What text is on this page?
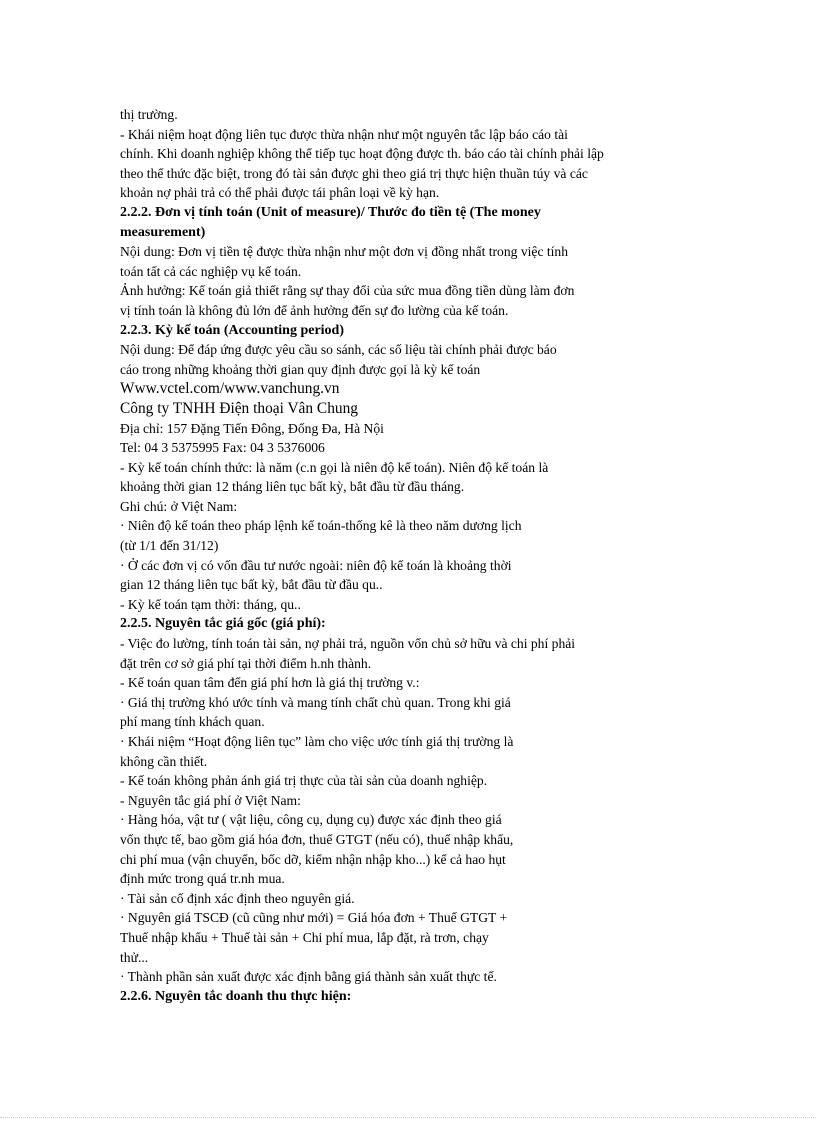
thị trường.
- Khái niệm hoạt động liên tục được thừa nhận như một nguyên tắc lập báo cáo tài
chính. Khi doanh nghiệp không thể tiếp tục hoạt động được th. báo cáo tài chính phải lập
theo thể thức đặc biệt, trong đó tài sản được ghi theo giá trị thực hiện thuần túy và các
khoản nợ phải trả có thể phải được tái phân loại về kỳ hạn.
2.2.2. Đơn vị tính toán (Unit of measure)/ Thước đo tiền tệ (The money
measurement)
Nội dung: Đơn vị tiền tệ được thừa nhận như một đơn vị đồng nhất trong việc tính
toán tất cả các nghiệp vụ kế toán.
Ảnh hưởng: Kế toán giả thiết rằng sự thay đổi của sức mua đồng tiền dùng làm đơn
vị tính toán là không đủ lớn để ảnh hưởng đến sự đo lường của kế toán.
2.2.3. Kỳ kế toán (Accounting period)
Nội dung: Để đáp ứng được yêu cầu so sánh, các số liệu tài chính phải được báo
cáo trong những khoảng thời gian quy định được gọi là kỳ kế toán
Www.vctel.com/www.vanchung.vn
Công ty TNHH Điện thoại Vân Chung
Địa chỉ: 157 Đặng Tiến Đông, Đống Đa, Hà Nội
Tel: 04 3 5375995 Fax: 04 3 5376006
- Kỳ kế toán chính thức: là năm (c.n gọi là niên độ kế toán). Niên độ kế toán là
khoảng thời gian 12 tháng liên tục bất kỳ, bắt đầu từ đầu tháng.
Ghi chú: ở Việt Nam:
· Niên độ kế toán theo pháp lệnh kế toán-thống kê là theo năm dương lịch
(từ 1/1 đến 31/12)
· Ở các đơn vị có vốn đầu tư nước ngoài: niên độ kế toán là khoảng thời
gian 12 tháng liên tục bất kỳ, bắt đầu từ đầu qu..
- Kỳ kế toán tạm thời: tháng, qu..
2.2.5. Nguyên tắc giá gốc (giá phí):
- Việc đo lường, tính toán tài sản, nợ phải trả, nguồn vốn chủ sở hữu và chi phí phải
đặt trên cơ sở giá phí tại thời điểm h.nh thành.
- Kế toán quan tâm đến giá phí hơn là giá thị trường v.:
· Giá thị trường khó ước tính và mang tính chất chủ quan. Trong khi giá
phí mang tính khách quan.
· Khái niệm “Hoạt động liên tục” làm cho việc ước tính giá thị trường là
không cần thiết.
- Kế toán không phản ánh giá trị thực của tài sản của doanh nghiệp.
- Nguyên tắc giá phí ở Việt Nam:
· Hàng hóa, vật tư ( vật liệu, công cụ, dụng cụ) được xác định theo giá
vốn thực tế, bao gồm giá hóa đơn, thuế GTGT (nếu có), thuế nhập khẩu,
chi phí mua (vận chuyển, bốc dỡ, kiểm nhận nhập kho...) kể cả hao hụt
định mức trong quá tr.nh mua.
· Tài sản cố định xác định theo nguyên giá.
· Nguyên giá TSCĐ (cũ cũng như mới) = Giá hóa đơn + Thuế GTGT +
Thuế nhập khẩu + Thuế tài sản + Chi phí mua, lắp đặt, rà trơn, chạy
thử...
· Thành phần sản xuất được xác định bằng giá thành sản xuất thực tế.
2.2.6. Nguyên tắc doanh thu thực hiện:
